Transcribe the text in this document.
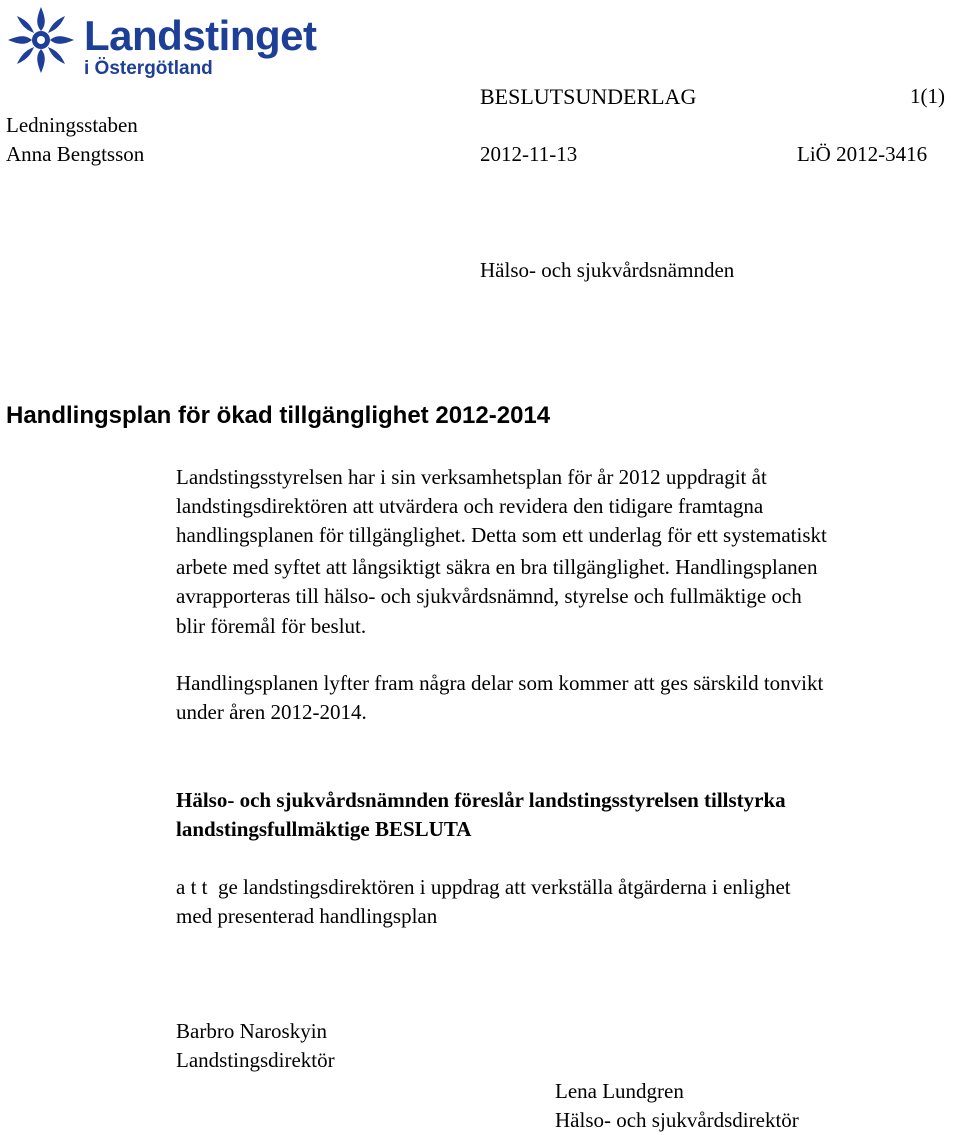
Landstinget
i Östergötland
BESLUTSUNDERLAG	1(1)
Ledningsstaben
Anna Bengtsson	2012-11-13	LiÖ 2012-3416
Hälso- och sjukvårdsnämnden
Handlingsplan för ökad tillgänglighet 2012-2014
Landstingsstyrelsen har i sin verksamhetsplan för år 2012 uppdragit åt
landstingsdirektören att utvärdera och revidera den tidigare framtagna
handlingsplanen för tillgänglighet. Detta som ett underlag för ett systematiskt
arbete med syftet att långsiktigt säkra en bra tillgänglighet. Handlingsplanen
avrapporteras till hälso- och sjukvårdsnämnd, styrelse och fullmäktige och
blir föremål för beslut.
Handlingsplanen lyfter fram några delar som kommer att ges särskild tonvikt
under åren 2012-2014.
Hälso- och sjukvårdsnämnden föreslår landstingsstyrelsen tillstyrka
landstingsfullmäktige BESLUTA
a t t  ge landstingsdirektören i uppdrag att verkställa åtgärderna i enlighet
med presenterad handlingsplan
Barbro Naroskyin
Landstingsdirektör
Lena Lundgren
Hälso- och sjukvårdsdirektör
